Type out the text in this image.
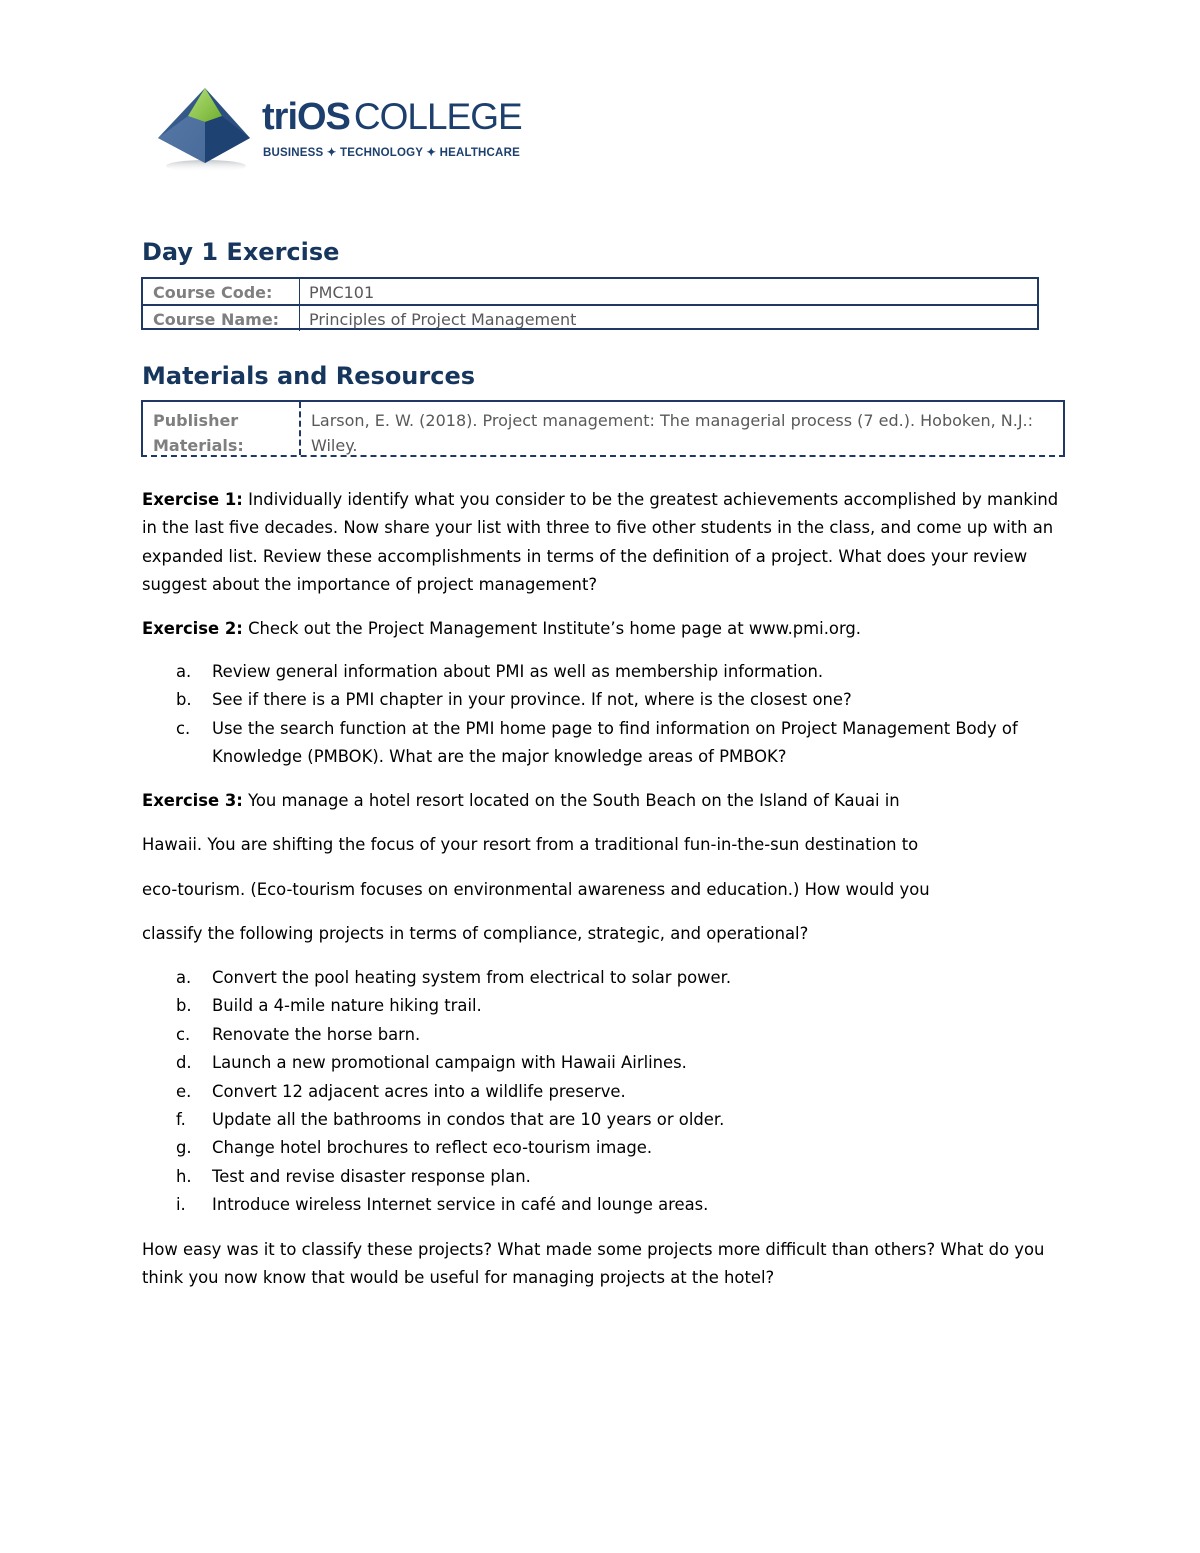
triOS COLLEGE
BUSINESS ✦ TECHNOLOGY ✦ HEALTHCARE
Day 1 Exercise
Course Code: PMC101
Course Name: Principles of Project Management
Materials and Resources
Publisher Materials:
Larson, E. W. (2018). Project management: The managerial process (7 ed.). Hoboken, N.J.: Wiley.

Exercise 1: Individually identify what you consider to be the greatest achievements accomplished by mankind in the last five decades. Now share your list with three to five other students in the class, and come up with an expanded list. Review these accomplishments in terms of the definition of a project. What does your review suggest about the importance of project management?

Exercise 2: Check out the Project Management Institute’s home page at www.pmi.org.

a. Review general information about PMI as well as membership information.
b. See if there is a PMI chapter in your province. If not, where is the closest one?
c. Use the search function at the PMI home page to find information on Project Management Body of Knowledge (PMBOK). What are the major knowledge areas of PMBOK?

Exercise 3: You manage a hotel resort located on the South Beach on the Island of Kauai in

Hawaii. You are shifting the focus of your resort from a traditional fun-in-the-sun destination to

eco-tourism. (Eco-tourism focuses on environmental awareness and education.) How would you

classify the following projects in terms of compliance, strategic, and operational?

a. Convert the pool heating system from electrical to solar power.
b. Build a 4-mile nature hiking trail.
c. Renovate the horse barn.
d. Launch a new promotional campaign with Hawaii Airlines.
e. Convert 12 adjacent acres into a wildlife preserve.
f. Update all the bathrooms in condos that are 10 years or older.
g. Change hotel brochures to reflect eco-tourism image.
h. Test and revise disaster response plan.
i. Introduce wireless Internet service in café and lounge areas.

How easy was it to classify these projects? What made some projects more difficult than others? What do you think you now know that would be useful for managing projects at the hotel?
